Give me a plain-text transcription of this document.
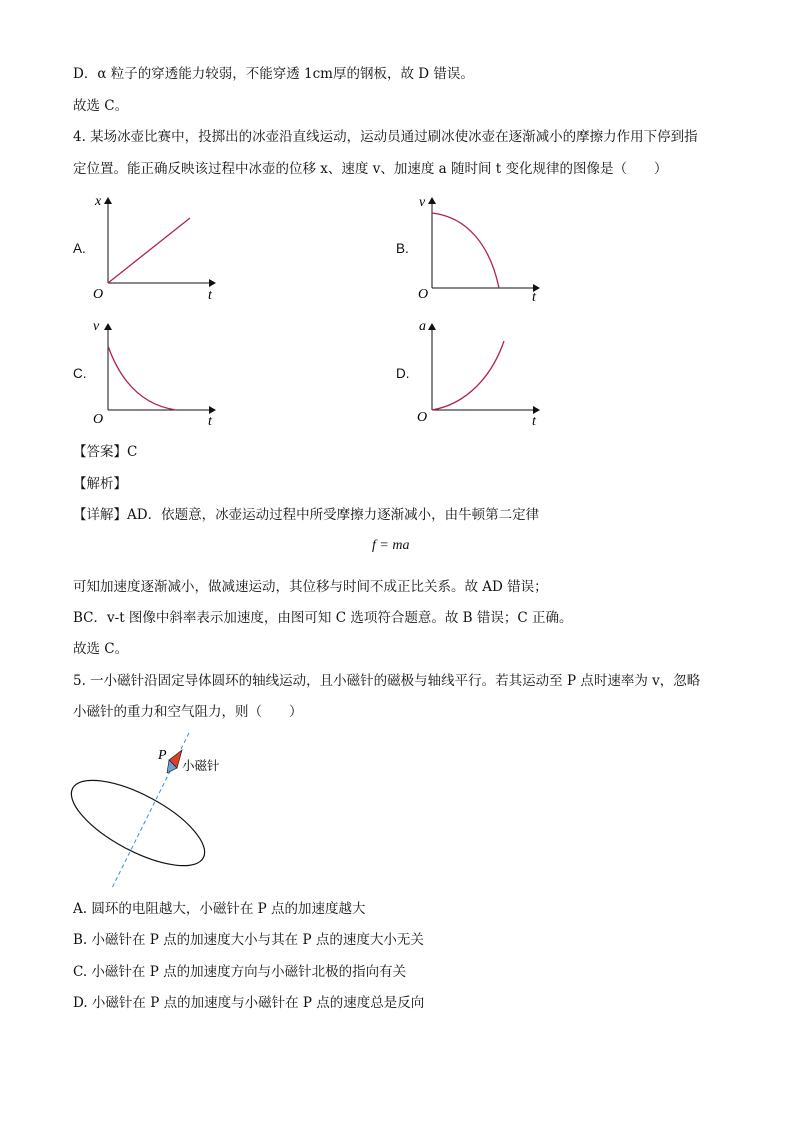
D．α 粒子的穿透能力较弱，不能穿透 1cm厚的钢板，故 D 错误。
故选 C。
4. 某场冰壶比赛中，投掷出的冰壶沿直线运动，运动员通过刷冰使冰壶在逐渐减小的摩擦力作用下停到指
定位置。能正确反映该过程中冰壶的位移 x、速度 v、加速度 a 随时间 t 变化规律的图像是（　　）
A.
x
t
O
B.
v
t
O
C.
v
t
O
D.
a
t
O
【答案】C
【解析】
【详解】AD．依题意，冰壶运动过程中所受摩擦力逐渐减小，由牛顿第二定律
f = ma
可知加速度逐渐减小，做减速运动，其位移与时间不成正比关系。故 AD 错误；
BC．v-t 图像中斜率表示加速度，由图可知 C 选项符合题意。故 B 错误；C 正确。
故选 C。
5. 一小磁针沿固定导体圆环的轴线运动，且小磁针的磁极与轴线平行。若其运动至 P 点时速率为 v，忽略
小磁针的重力和空气阻力，则（　　）
P
小磁针
A. 圆环的电阻越大，小磁针在 P 点的加速度越大
B. 小磁针在 P 点的加速度大小与其在 P 点的速度大小无关
C. 小磁针在 P 点的加速度方向与小磁针北极的指向有关
D. 小磁针在 P 点的加速度与小磁针在 P 点的速度总是反向
